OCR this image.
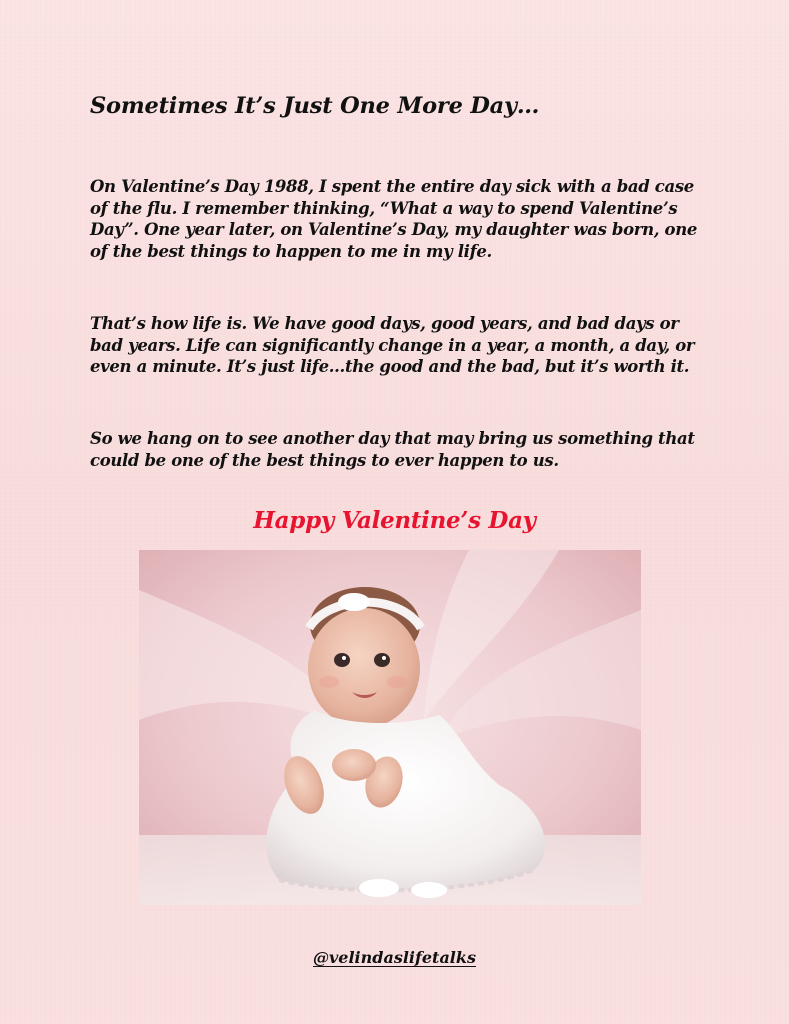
Sometimes It’s Just One More Day…

On Valentine’s Day 1988, I spent the entire day sick with a bad case of the flu. I remember thinking, “What a way to spend Valentine’s Day”. One year later, on Valentine’s Day, my daughter was born, one of the best things to happen to me in my life.

That’s how life is. We have good days, good years, and bad days or bad years. Life can significantly change in a year, a month, a day, or even a minute. It’s just life…the good and the bad, but it’s worth it.

So we hang on to see another day that may bring us something that could be one of the best things to ever happen to us.

Happy Valentine’s Day

@velindaslifetalks
